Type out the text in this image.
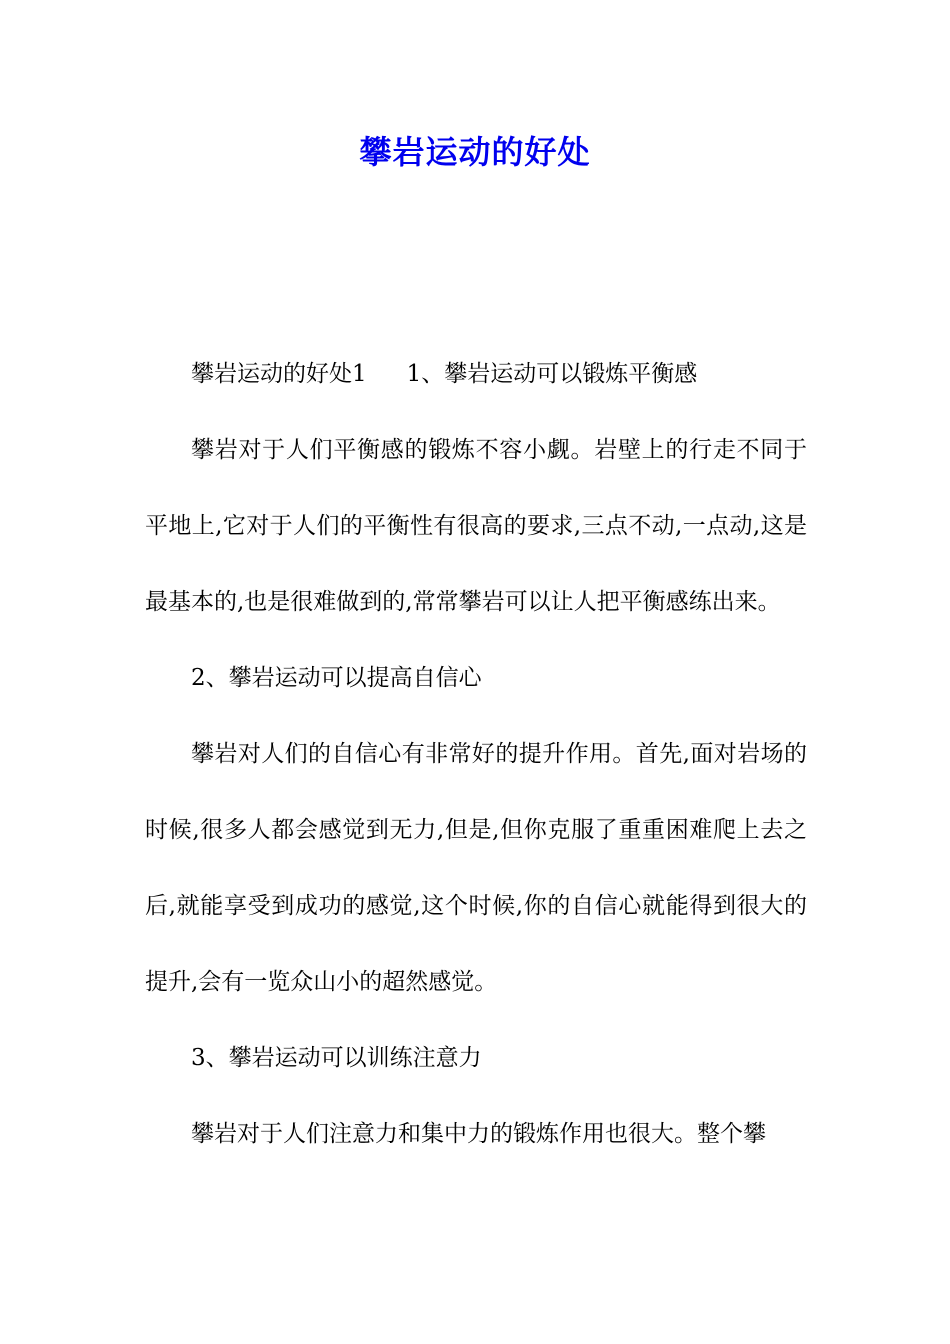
攀岩运动的好处

攀岩运动的好处1 1、攀岩运动可以锻炼平衡感

攀岩对于人们平衡感的锻炼不容小觑。岩壁上的行走不同于平地上,它对于人们的平衡性有很高的要求,三点不动,一点动,这是最基本的,也是很难做到的,常常攀岩可以让人把平衡感练出来。

2、攀岩运动可以提高自信心

攀岩对人们的自信心有非常好的提升作用。首先,面对岩场的时候,很多人都会感觉到无力,但是,但你克服了重重困难爬上去之后,就能享受到成功的感觉,这个时候,你的自信心就能得到很大的提升,会有一览众山小的超然感觉。

3、攀岩运动可以训练注意力

攀岩对于人们注意力和集中力的锻炼作用也很大。整个攀
